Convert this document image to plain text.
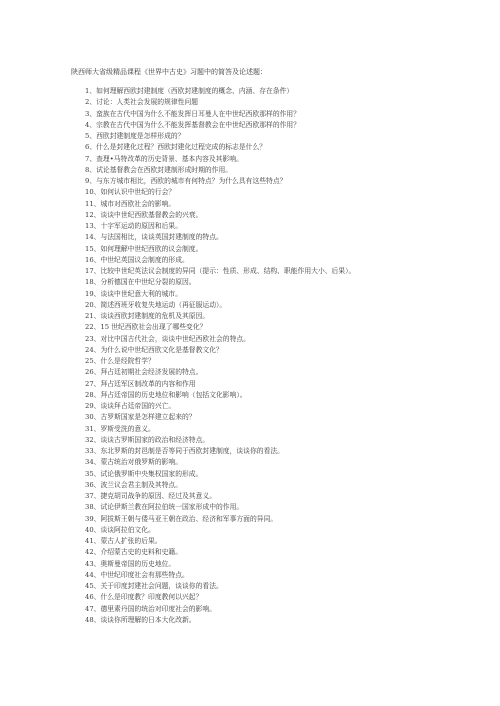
陕西师大省级精品课程《世界中古史》习题中的简答及论述题：
1、如何理解西欧封建制度（西欧封建制度的概念、内涵、存在条件）
2、讨论：人类社会发展的规律性问题
3、蛮族在古代中国为什么不能发挥日耳曼人在中世纪西欧那样的作用？
4、宗教在古代中国为什么不能发挥基督教会在中世纪西欧那样的作用？
5、西欧封建制度是怎样形成的？
6、什么是封建化过程？西欧封建化过程完成的标志是什么？
7、查理•马特改革的历史背景、基本内容及其影响。
8、试论基督教会在西欧封建制形成时期的作用。
9、与东方城市相比，西欧的城市有何特点？为什么具有这些特点？
10、如何认识中世纪的行会？
11、城市对西欧社会的影响。
12、谈谈中世纪西欧基督教会的兴衰。
13、十字军运动的原因和后果。
14、与法国相比，谈谈英国封建制度的特点。
15、如何理解中世纪西欧的议会制度。
16、中世纪英国议会制度的形成。
17、比较中世纪英法议会制度的异同（提示：性质、形成、结构、职能作用大小、后果）。
18、分析德国在中世纪分裂的原因。
19、谈谈中世纪意大利的城市。
20、简述西班牙收复失地运动（再征服运动）。
21、谈谈西欧封建制度的危机及其原因。
22、15 世纪西欧社会出现了哪些变化？
23、对比中国古代社会，谈谈中世纪西欧社会的特点。
24、为什么说中世纪西欧文化是基督教文化？
25、什么是经院哲学？
26、拜占廷初期社会经济发展的特点。
27、拜占廷军区制改革的内容和作用
28、拜占廷帝国的历史地位和影响（包括文化影响）。
29、谈谈拜占廷帝国的兴亡。
30、古罗斯国家是怎样建立起来的？
31、罗斯受洗的意义。
32、谈谈古罗斯国家的政治和经济特点。
33、东北罗斯的封邑制是否等同于西欧封建制度，谈谈你的看法。
34、蒙古统治对俄罗斯的影响。
35、试论俄罗斯中央集权国家的形成。
36、波兰议会君主制及其特点。
37、捷克胡司战争的原因、经过及其意义。
38、试论伊斯兰教在阿拉伯统一国家形成中的作用。
39、阿拔斯王朝与倭马亚王朝在政治、经济和军事方面的异同。
40、谈谈阿拉伯文化。
41、蒙古人扩张的后果。
42、介绍蒙古史的史料和史籍。
43、奥斯曼帝国的历史地位。
44、中世纪印度社会有那些特点。
45、关于印度封建社会问题，谈谈你的看法。
46、什么是印度教？印度教何以兴起？
47、德里素丹国的统治对印度社会的影响。
48、谈谈你所理解的日本大化改新。
